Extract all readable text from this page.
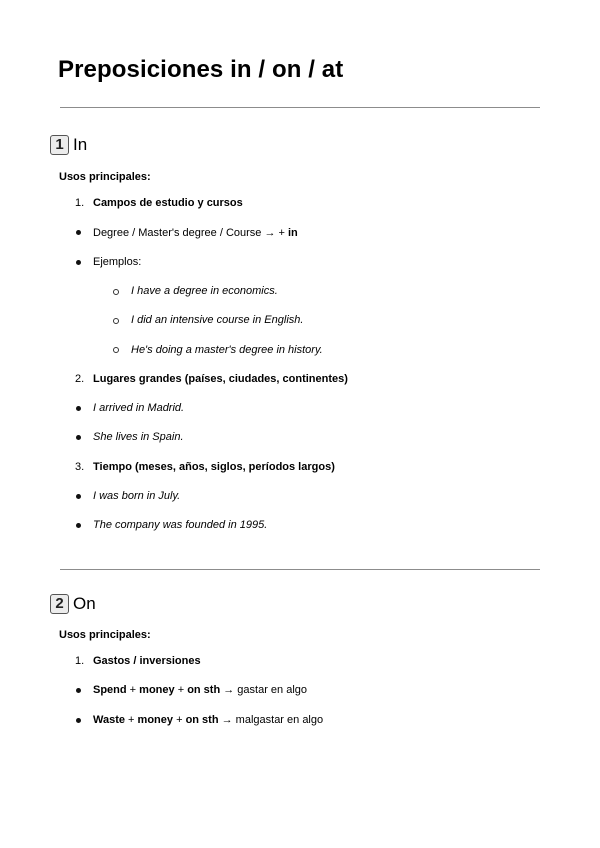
Preposiciones in / on / at
1 In
Usos principales:
1. Campos de estudio y cursos
Degree / Master's degree / Course → + in
Ejemplos:
I have a degree in economics.
I did an intensive course in English.
He's doing a master's degree in history.
2. Lugares grandes (países, ciudades, continentes)
I arrived in Madrid.
She lives in Spain.
3. Tiempo (meses, años, siglos, períodos largos)
I was born in July.
The company was founded in 1995.
2 On
Usos principales:
1. Gastos / inversiones
Spend + money + on sth → gastar en algo
Waste + money + on sth → malgastar en algo
